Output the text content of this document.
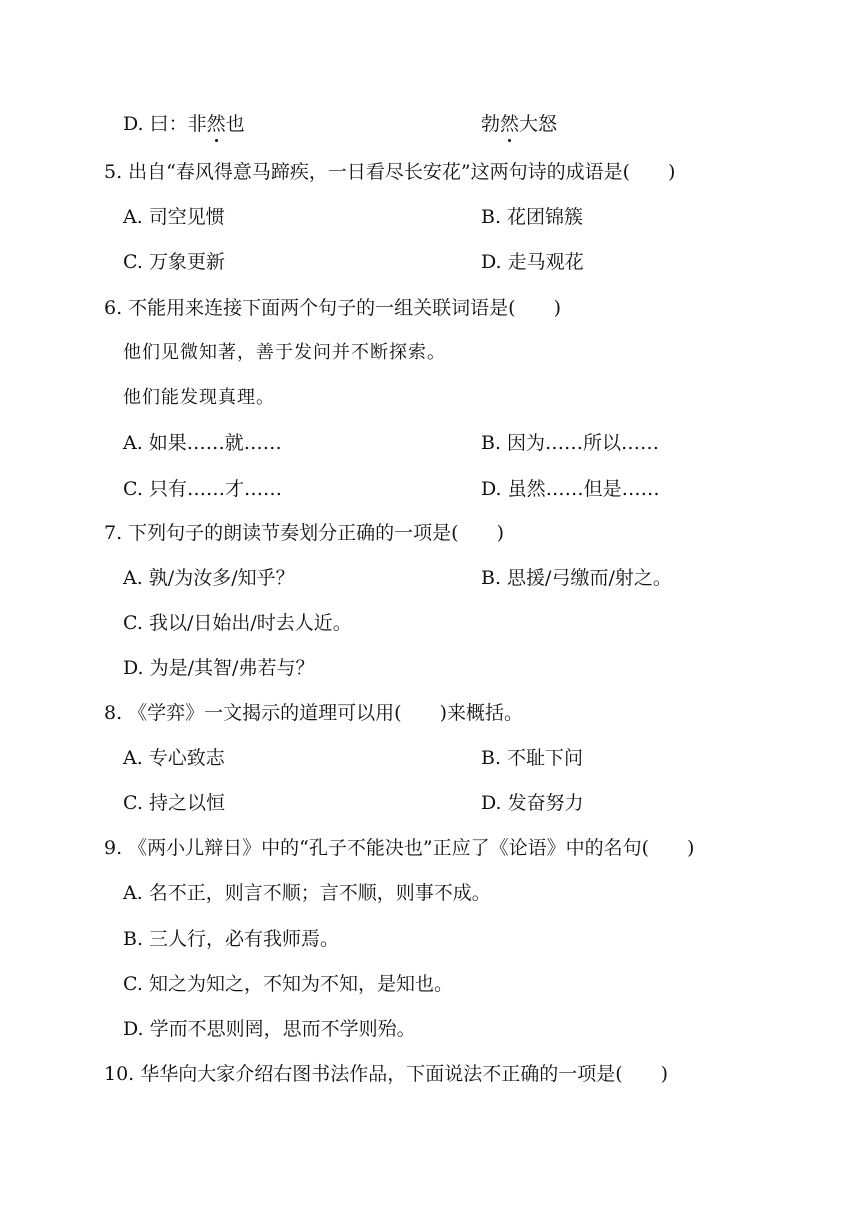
D. 曰：非然也	勃然大怒
5. 出自“春风得意马蹄疾，一日看尽长安花”这两句诗的成语是(　　)
A. 司空见惯	B. 花团锦簇
C. 万象更新	D. 走马观花
6. 不能用来连接下面两个句子的一组关联词语是(　　)
他们见微知著，善于发问并不断探索。
他们能发现真理。
A. 如果……就……	B. 因为……所以……
C. 只有……才……	D. 虽然……但是……
7. 下列句子的朗读节奏划分正确的一项是(　　)
A. 孰/为汝多/知乎？	B. 思援/弓缴而/射之。
C. 我以/日始出/时去人近。
D. 为是/其智/弗若与？
8. 《学弈》一文揭示的道理可以用(　　)来概括。
A. 专心致志	B. 不耻下问
C. 持之以恒	D. 发奋努力
9. 《两小儿辩日》中的“孔子不能决也”正应了《论语》中的名句(　　)
A. 名不正，则言不顺；言不顺，则事不成。
B. 三人行，必有我师焉。
C. 知之为知之，不知为不知，是知也。
D. 学而不思则罔，思而不学则殆。
10. 华华向大家介绍右图书法作品，下面说法不正确的一项是(　　)
